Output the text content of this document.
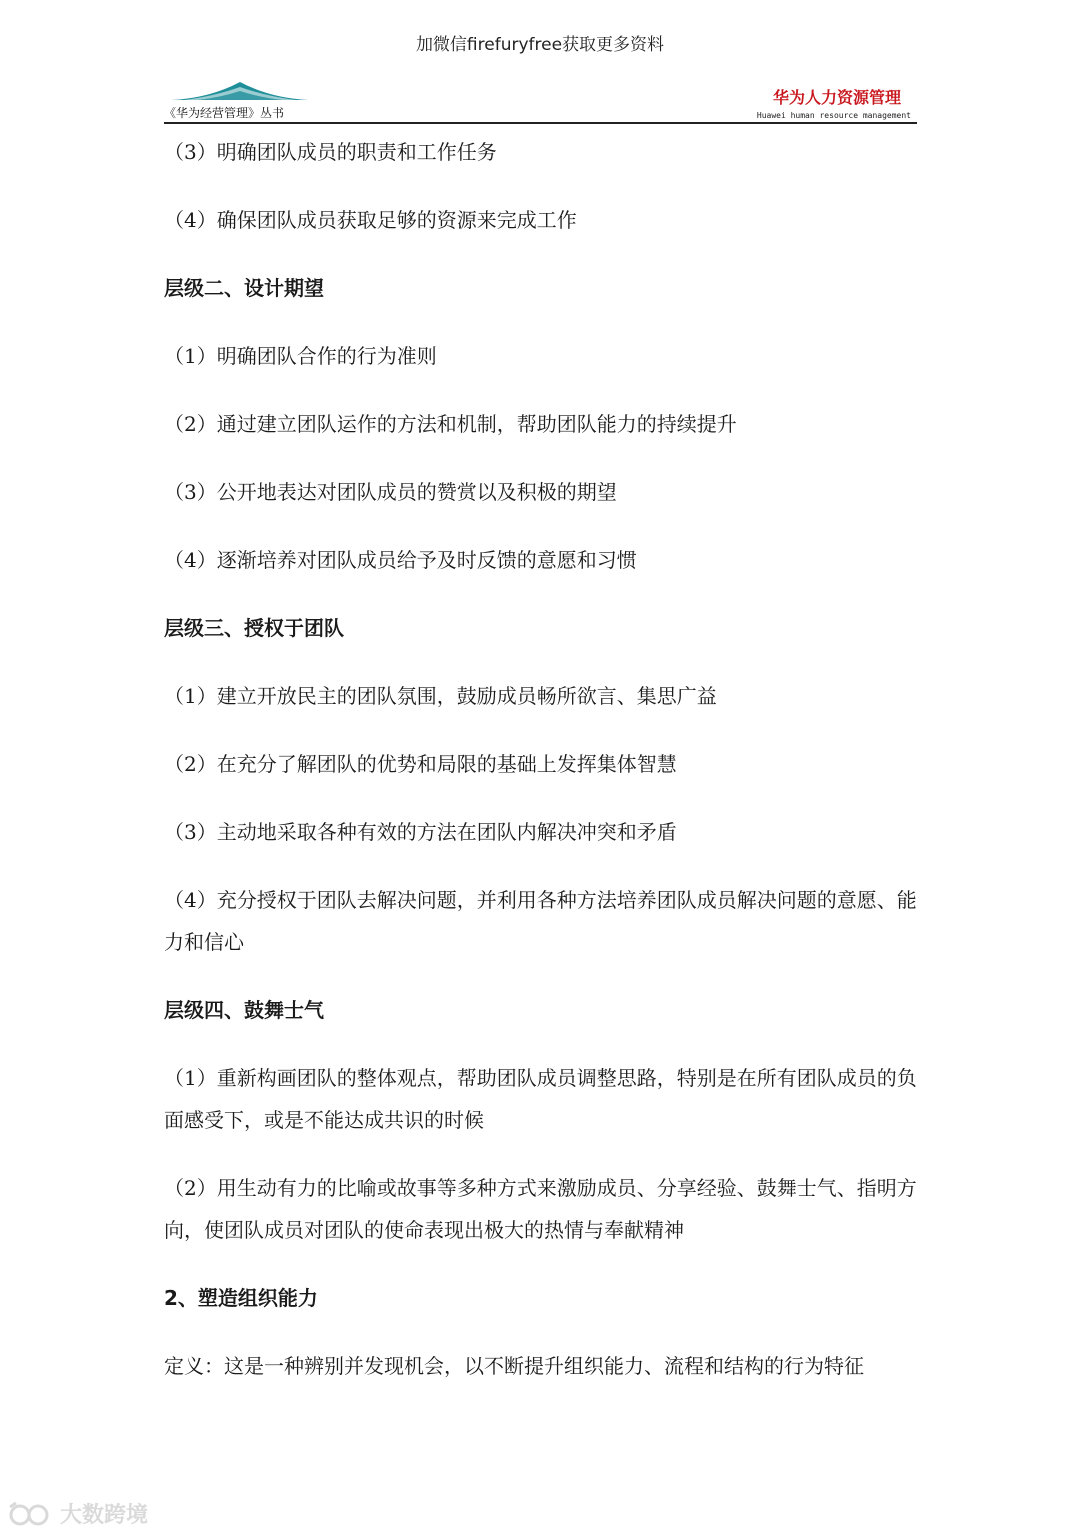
加微信firefuryfree获取更多资料
《华为经营管理》丛书
华为人力资源管理
Huawei human resource management

（3）明确团队成员的职责和工作任务

（4）确保团队成员获取足够的资源来完成工作

层级二、设计期望

（1）明确团队合作的行为准则

（2）通过建立团队运作的方法和机制，帮助团队能力的持续提升

（3）公开地表达对团队成员的赞赏以及积极的期望

（4）逐渐培养对团队成员给予及时反馈的意愿和习惯

层级三、授权于团队

（1）建立开放民主的团队氛围，鼓励成员畅所欲言、集思广益

（2）在充分了解团队的优势和局限的基础上发挥集体智慧

（3）主动地采取各种有效的方法在团队内解决冲突和矛盾

（4）充分授权于团队去解决问题，并利用各种方法培养团队成员解决问题的意愿、能力和信心

层级四、鼓舞士气

（1）重新构画团队的整体观点，帮助团队成员调整思路，特别是在所有团队成员的负面感受下，或是不能达成共识的时候

（2）用生动有力的比喻或故事等多种方式来激励成员、分享经验、鼓舞士气、指明方向，使团队成员对团队的使命表现出极大的热情与奉献精神

2、塑造组织能力

定义：这是一种辨别并发现机会，以不断提升组织能力、流程和结构的行为特征

大数跨境
